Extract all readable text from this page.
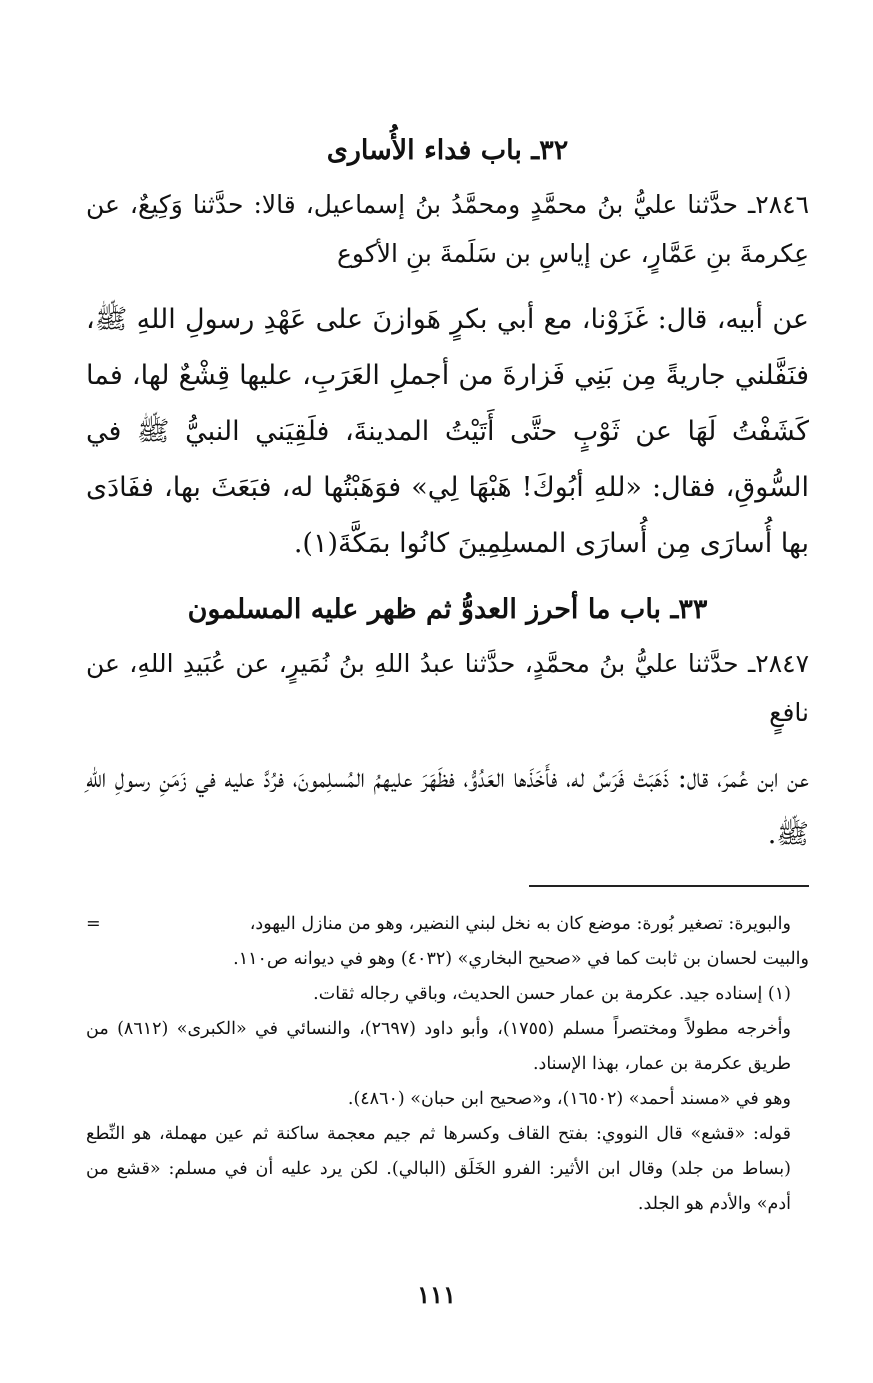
٣٢ـ باب فداء الأُسارى

٢٨٤٦ـ حدَّثنا عليُّ بنُ محمَّدٍ ومحمَّدُ بنُ إسماعيل، قالا: حدَّثنا وَكِيعٌ، عن عِكرمةَ بنِ عَمَّارٍ، عن إياسِ بن سَلَمةَ بنِ الأكوع

عن أبيه، قال: غَزَوْنا، مع أبي بكرٍ هَوازنَ على عَهْدِ رسولِ اللهِ ﷺ، فنَفَّلني جاريةً مِن بَنِي فَزارةَ من أجملِ العَرَبِ، عليها قِشْعٌ لها، فما كَشَفْتُ لَهَا عن ثَوْبٍ حتَّى أَتَيْتُ المدينةَ، فلَقِيَني النبيُّ ﷺ في السُّوقِ، فقال: «للهِ أبُوكَ! هَبْهَا لِي» فوَهَبْتُها له، فبَعَثَ بها، ففَادَى بها أُسارَى مِن أُسارَى المسلِمِينَ كانُوا بمَكَّةَ(١).

٣٣ـ باب ما أحرز العدوُّ ثم ظهر عليه المسلمون

٢٨٤٧ـ حدَّثنا عليُّ بنُ محمَّدٍ، حدَّثنا عبدُ اللهِ بنُ نُمَيرٍ، عن عُبَيدِ اللهِ، عن نافعٍ

عن ابن عُمرَ، قال: ذَهَبَتْ فَرَسٌ له، فأَخَذَها العَدُوُّ، فظَهَرَ عليهمُ المُسلِمونَ، فرُدَّ عليه في زَمَنِ رسولِ اللهِ ﷺ.

=	والبويرة: تصغير بُورة: موضع كان به نخل لبني النضير، وهو من منازل اليهود،

والبيت لحسان بن ثابت كما في «صحيح البخاري» (٤٠٣٢) وهو في ديوانه ص١١٠.

(١) إسناده جيد. عكرمة بن عمار حسن الحديث، وباقي رجاله ثقات.

وأخرجه مطولاً ومختصراً مسلم (١٧٥٥)، وأبو داود (٢٦٩٧)، والنسائي في «الكبرى» (٨٦١٢) من طريق عكرمة بن عمار، بهذا الإسناد.

وهو في «مسند أحمد» (١٦٥٠٢)، و«صحيح ابن حبان» (٤٨٦٠).

قوله: «قشع» قال النووي: بفتح القاف وكسرها ثم جيم معجمة ساكنة ثم عين مهملة، هو النِّطع (بساط من جلد) وقال ابن الأثير: الفرو الخَلَق (البالي). لكن يرد عليه أن في مسلم: «قشع من أدم» والأدم هو الجلد.

١١١
